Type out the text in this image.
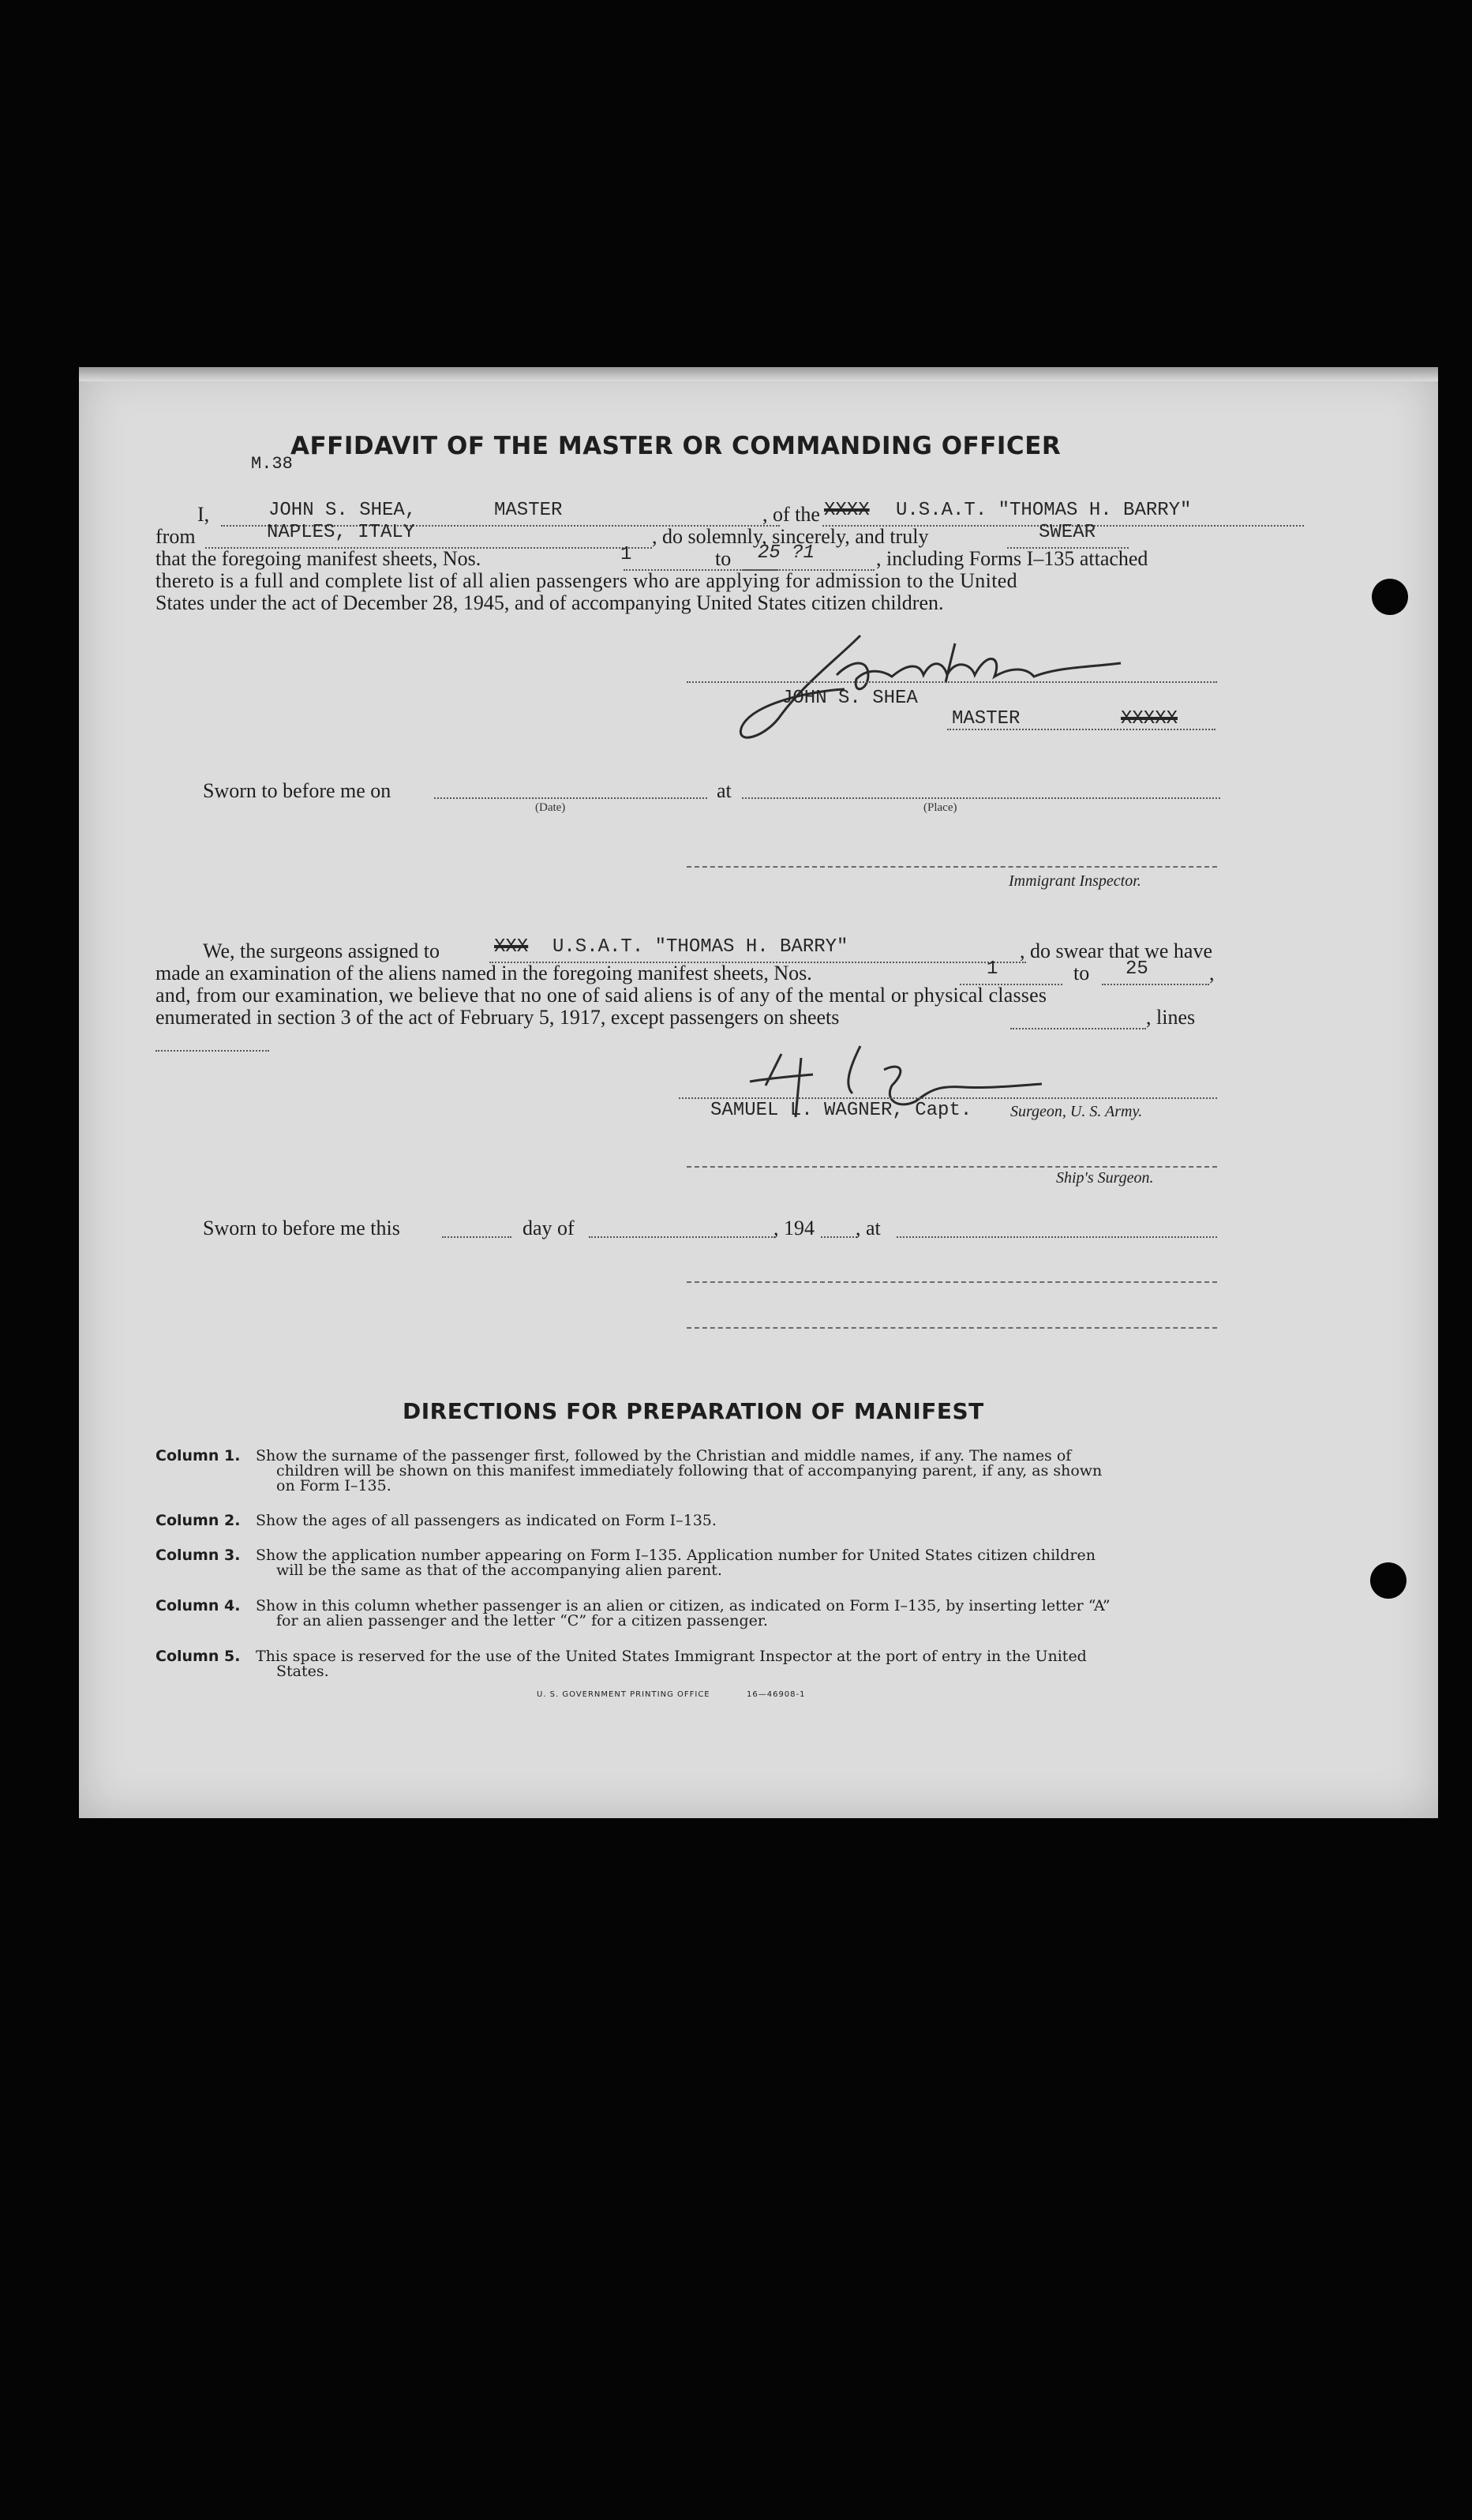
M.38
AFFIDAVIT OF THE MASTER OR COMMANDING OFFICER
I,	JOHN S. SHEA,	MASTER	, of the XXXX U.S.A.T. "THOMAS H. BARRY"
from	NAPLES, ITALY	, do solemnly, sincerely, and truly	SWEAR
that the foregoing manifest sheets, Nos.	1	to 25 ?1	, including Forms I–135 attached
thereto is a full and complete list of all alien passengers who are applying for admission to the United
States under the act of December 28, 1945, and of accompanying United States citizen children.
JOHN S. SHEA
MASTER	XXXXX
Sworn to before me on
(Date)
at
(Place)
Immigrant Inspector.
We, the surgeons assigned to	XXX U.S.A.T. "THOMAS H. BARRY"	, do swear that we have
made an examination of the aliens named in the foregoing manifest sheets, Nos.	1	to 25	,
and, from our examination, we believe that no one of said aliens is of any of the mental or physical classes
enumerated in section 3 of the act of February 5, 1917, except passengers on sheets	, lines
SAMUEL L. WAGNER, Capt. Surgeon, U. S. Army.
Ship's Surgeon.
Sworn to before me this	day of	, 194 , at
DIRECTIONS FOR PREPARATION OF MANIFEST
Column 1. Show the surname of the passenger first, followed by the Christian and middle names, if any. The names of
children will be shown on this manifest immediately following that of accompanying parent, if any, as shown
on Form I–135.
Column 2. Show the ages of all passengers as indicated on Form I–135.
Column 3. Show the application number appearing on Form I–135. Application number for United States citizen children
will be the same as that of the accompanying alien parent.
Column 4. Show in this column whether passenger is an alien or citizen, as indicated on Form I–135, by inserting letter “A”
for an alien passenger and the letter “C” for a citizen passenger.
Column 5. This space is reserved for the use of the United States Immigrant Inspector at the port of entry in the United
States.
U. S. GOVERNMENT PRINTING OFFICE	16—46908-1
